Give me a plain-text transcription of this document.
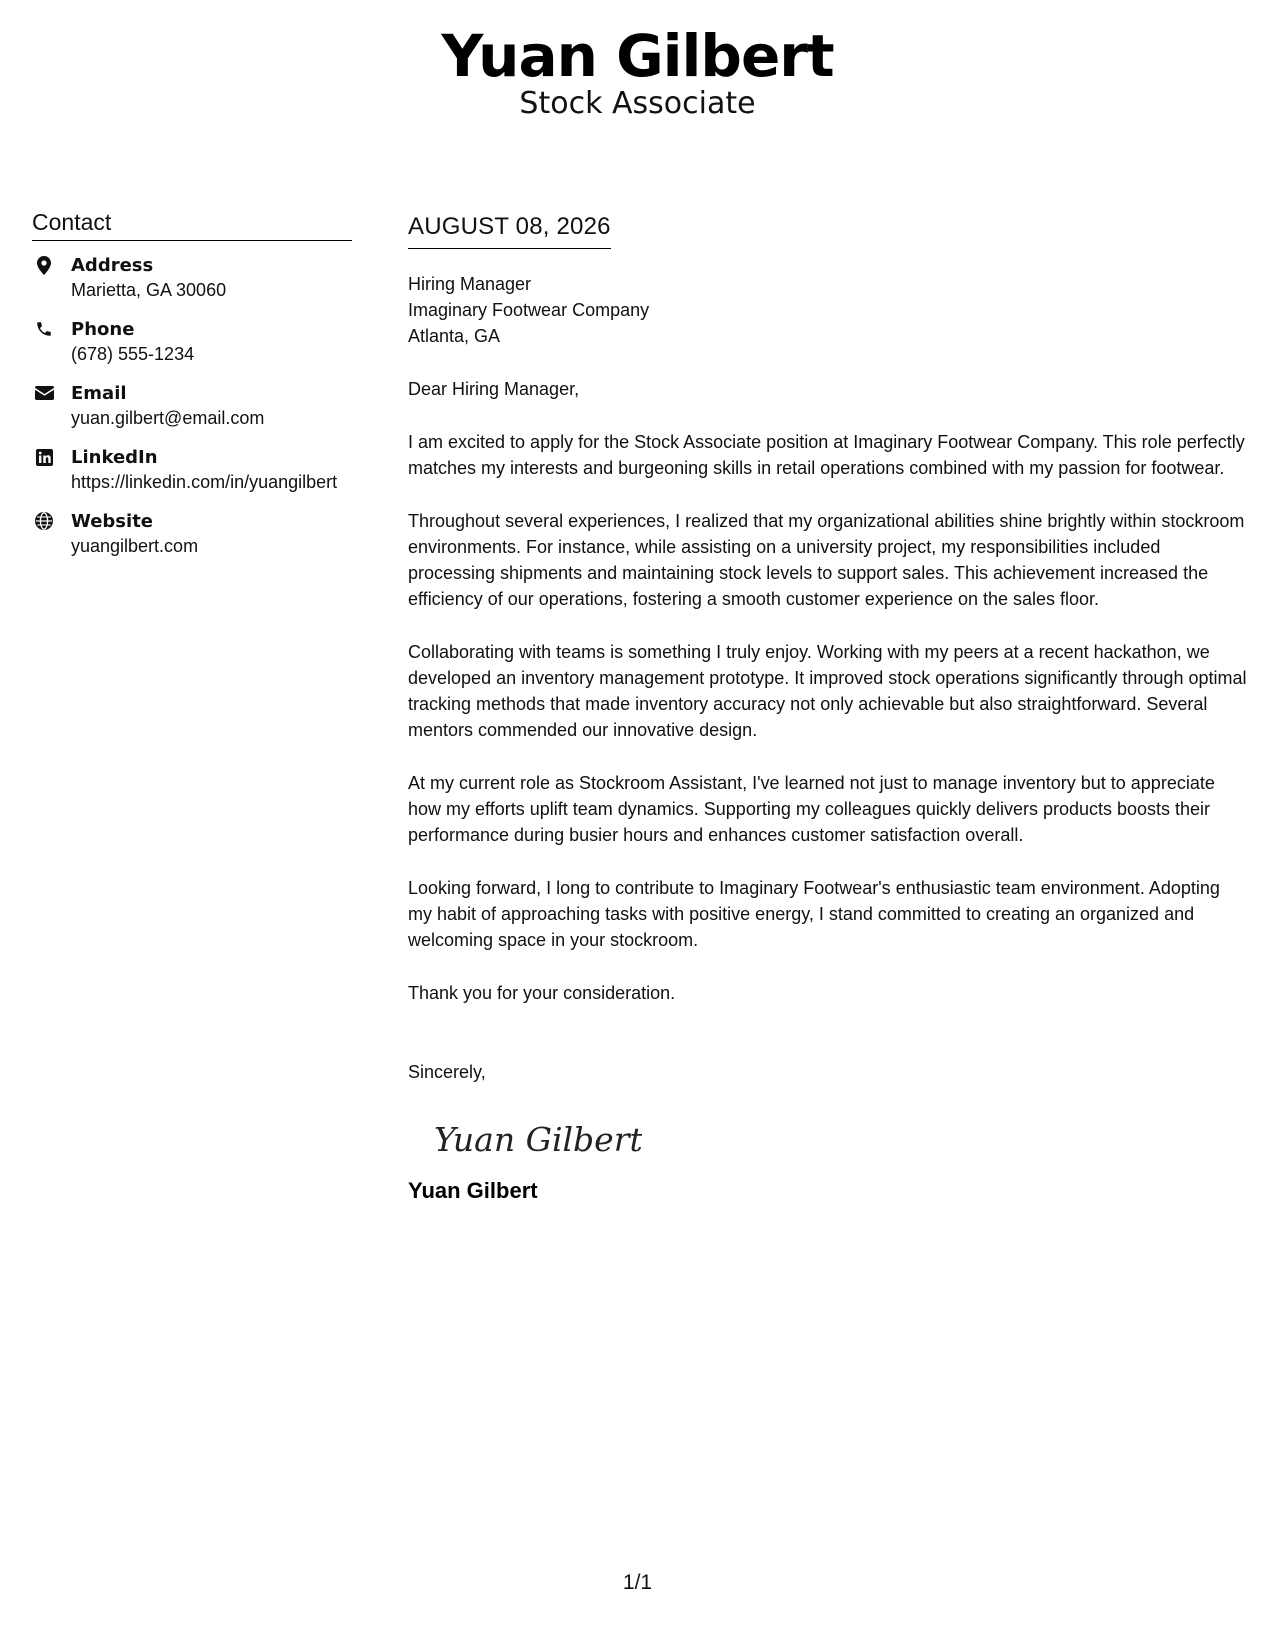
Yuan Gilbert
Stock Associate
Contact
Address
Marietta, GA 30060
Phone
(678) 555-1234
Email
yuan.gilbert@email.com
LinkedIn
https://linkedin.com/in/yuangilbert
Website
yuangilbert.com
AUGUST 08, 2026
Hiring Manager
Imaginary Footwear Company
Atlanta, GA
Dear Hiring Manager,

I am excited to apply for the Stock Associate position at Imaginary Footwear Company. This role perfectly matches my interests and burgeoning skills in retail operations combined with my passion for footwear.

Throughout several experiences, I realized that my organizational abilities shine brightly within stockroom environments. For instance, while assisting on a university project, my responsibilities included processing shipments and maintaining stock levels to support sales. This achievement increased the efficiency of our operations, fostering a smooth customer experience on the sales floor.

Collaborating with teams is something I truly enjoy. Working with my peers at a recent hackathon, we developed an inventory management prototype. It improved stock operations significantly through optimal tracking methods that made inventory accuracy not only achievable but also straightforward. Several mentors commended our innovative design.

At my current role as Stockroom Assistant, I've learned not just to manage inventory but to appreciate how my efforts uplift team dynamics. Supporting my colleagues quickly delivers products boosts their performance during busier hours and enhances customer satisfaction overall.

Looking forward, I long to contribute to Imaginary Footwear's enthusiastic team environment. Adopting my habit of approaching tasks with positive energy, I stand committed to creating an organized and welcoming space in your stockroom.

Thank you for your consideration.

Sincerely,
Yuan Gilbert
Yuan Gilbert
1/1
